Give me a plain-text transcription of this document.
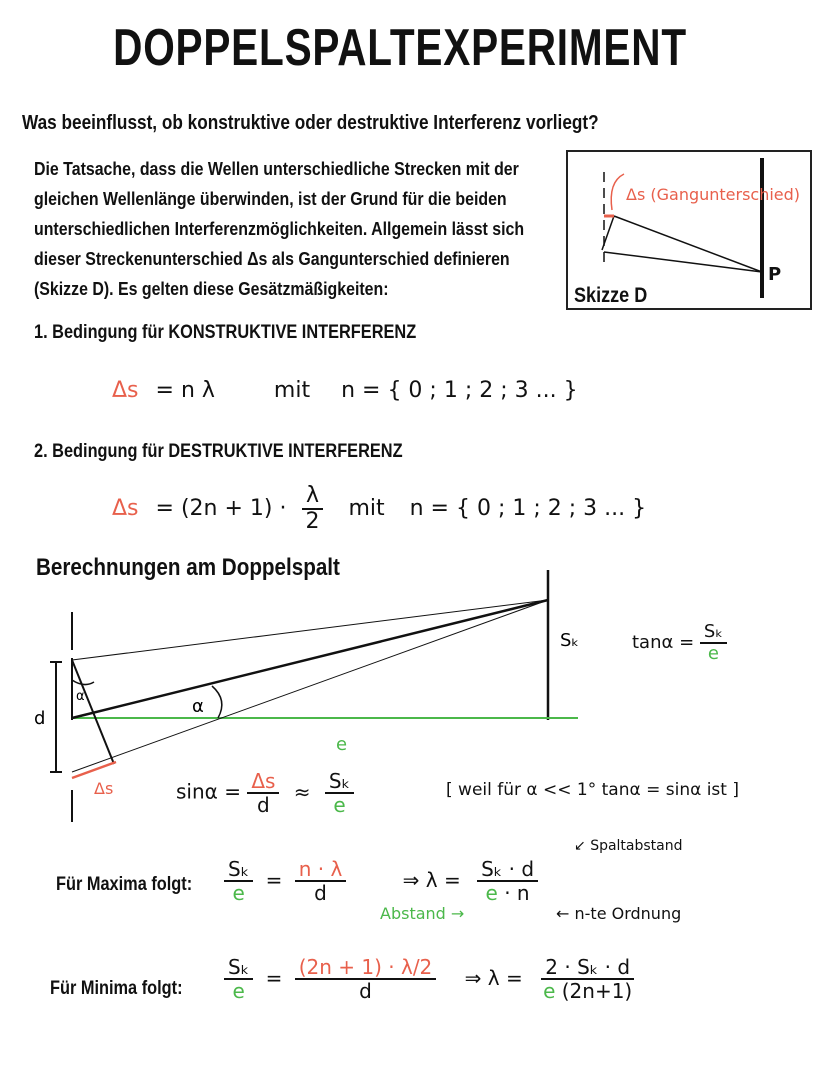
DOPPELSPALTEXPERIMENT
Was beeinflusst, ob konstruktive oder destruktive Interferenz vorliegt?
Die Tatsache, dass die Wellen unterschiedliche Strecken mit der
gleichen Wellenlänge überwinden, ist der Grund für die beiden
unterschiedlichen Interferenzmöglichkeiten. Allgemein lässt sich
dieser Streckenunterschied Δs als Gangunterschied definieren
(Skizze D). Es gelten diese Gesätzmäßigkeiten:
Δs (Gangunterschied)
P
Skizze D
1. Bedingung für KONSTRUKTIVE INTERFERENZ
Δs = n λ	mit n = { 0 ; 1 ; 2 ; 3 ... }
2. Bedingung für DESTRUKTIVE INTERFERENZ
$\Delta s = (2n + 1) \cdot \frac{\lambda}{2}$ mit n = { 0 ; 1 ; 2 ; 3 ... }
Berechnungen am Doppelspalt
d
e
α
α
Δs
Sₖ	$\tan\alpha = \frac{\text{Sₖ}}{e}$
$\sin\alpha = \frac{\Delta s}{d} \approx \frac{\text{Sₖ}}{e}$	[ weil für α << 1° tanα = sinα ist ]
Für Maxima folgt: $\frac{\text{Sₖ}}{e} = \frac{n \cdot \lambda}{d}$	⇒ $\lambda = \frac{\text{Sₖ · d}}{e \cdot n}$
↙ Spaltabstand
Abstand →	← n-te Ordnung
Für Minima folgt: $\frac{\text{Sₖ}}{e} = \frac{(2n + 1) \cdot \lambda/2}{d}$ ⇒ $\lambda = \frac{\text{2 · Sₖ · d}}{e (2n+1)}$
